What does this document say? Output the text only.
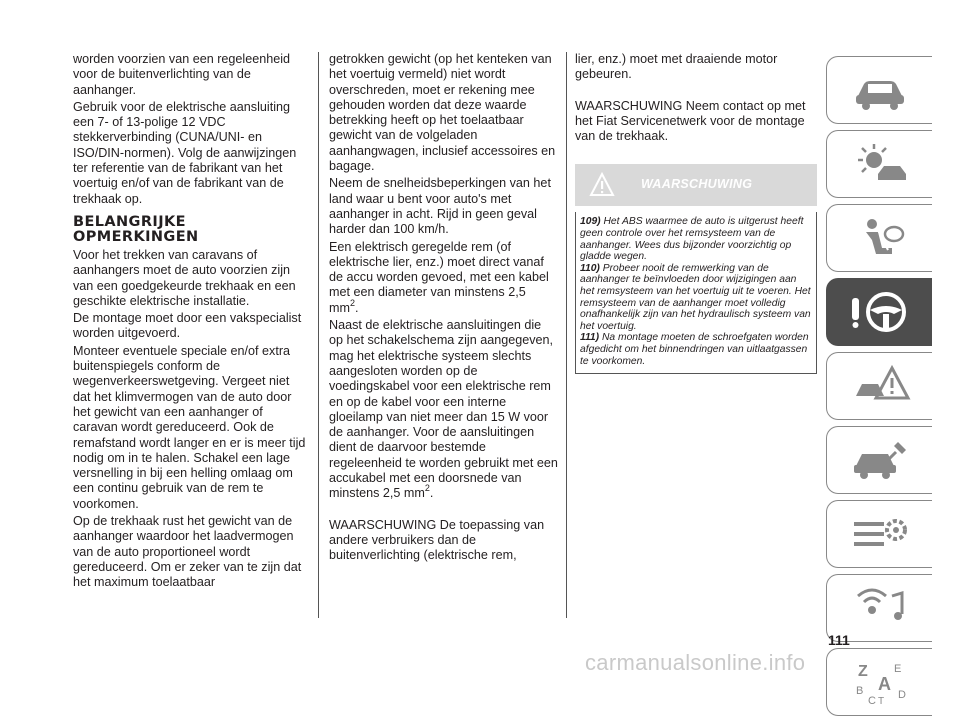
worden voorzien van een regeleenheid voor de buitenverlichting van de aanhanger.

Gebruik voor de elektrische aansluiting een 7- of 13-polige 12 VDC stekkerverbinding (CUNA/UNI- en ISO/DIN-normen). Volg de aanwijzingen ter referentie van de fabrikant van het voertuig en/of van de fabrikant van de trekhaak op.

BELANGRIJKE OPMERKINGEN

Voor het trekken van caravans of aanhangers moet de auto voorzien zijn van een goedgekeurde trekhaak en een geschikte elektrische installatie.

De montage moet door een vakspecialist worden uitgevoerd.

Monteer eventuele speciale en/of extra buitenspiegels conform de wegenverkeerswetgeving. Vergeet niet dat het klimvermogen van de auto door het gewicht van een aanhanger of caravan wordt gereduceerd. Ook de remafstand wordt langer en er is meer tijd nodig om in te halen. Schakel een lage versnelling in bij een helling omlaag om een continu gebruik van de rem te voorkomen.

Op de trekhaak rust het gewicht van de aanhanger waardoor het laadvermogen van de auto proportioneel wordt gereduceerd. Om er zeker van te zijn dat het maximum toelaatbaar

getrokken gewicht (op het kenteken van het voertuig vermeld) niet wordt overschreden, moet er rekening mee gehouden worden dat deze waarde betrekking heeft op het toelaatbaar gewicht van de volgeladen aanhangwagen, inclusief accessoires en bagage.

Neem de snelheidsbeperkingen van het land waar u bent voor auto's met aanhanger in acht. Rijd in geen geval harder dan 100 km/h.

Een elektrisch geregelde rem (of elektrische lier, enz.) moet direct vanaf de accu worden gevoed, met een kabel met een diameter van minstens 2,5 $mm^2$.

Naast de elektrische aansluitingen die op het schakelschema zijn aangegeven, mag het elektrische systeem slechts aangesloten worden op de voedingskabel voor een elektrische rem en op de kabel voor een interne gloeilamp van niet meer dan 15 W voor de aanhanger. Voor de aansluitingen dient de daarvoor bestemde regeleenheid te worden gebruikt met een accukabel met een doorsnede van minstens 2,5 $mm^2$.

WAARSCHUWING De toepassing van andere verbruikers dan de buitenverlichting (elektrische rem,

lier, enz.) moet met draaiende motor gebeuren.

WAARSCHUWING Neem contact op met het Fiat Servicenetwerk voor de montage van de trekhaak.

WAARSCHUWING

109) Het ABS waarmee de auto is uitgerust heeft geen controle over het remsysteem van de aanhanger. Wees dus bijzonder voorzichtig op gladde wegen.

110) Probeer nooit de remwerking van de aanhanger te beïnvloeden door wijzigingen aan het remsysteem van het voertuig uit te voeren. Het remsysteem van de aanhanger moet volledig onafhankelijk zijn van het hydraulisch systeem van het voertuig.

111) Na montage moeten de schroefgaten worden afgedicht om het binnendringen van uitlaatgassen te voorkomen.

Z E
B A
C T
D
111
carmanualsonline.info
